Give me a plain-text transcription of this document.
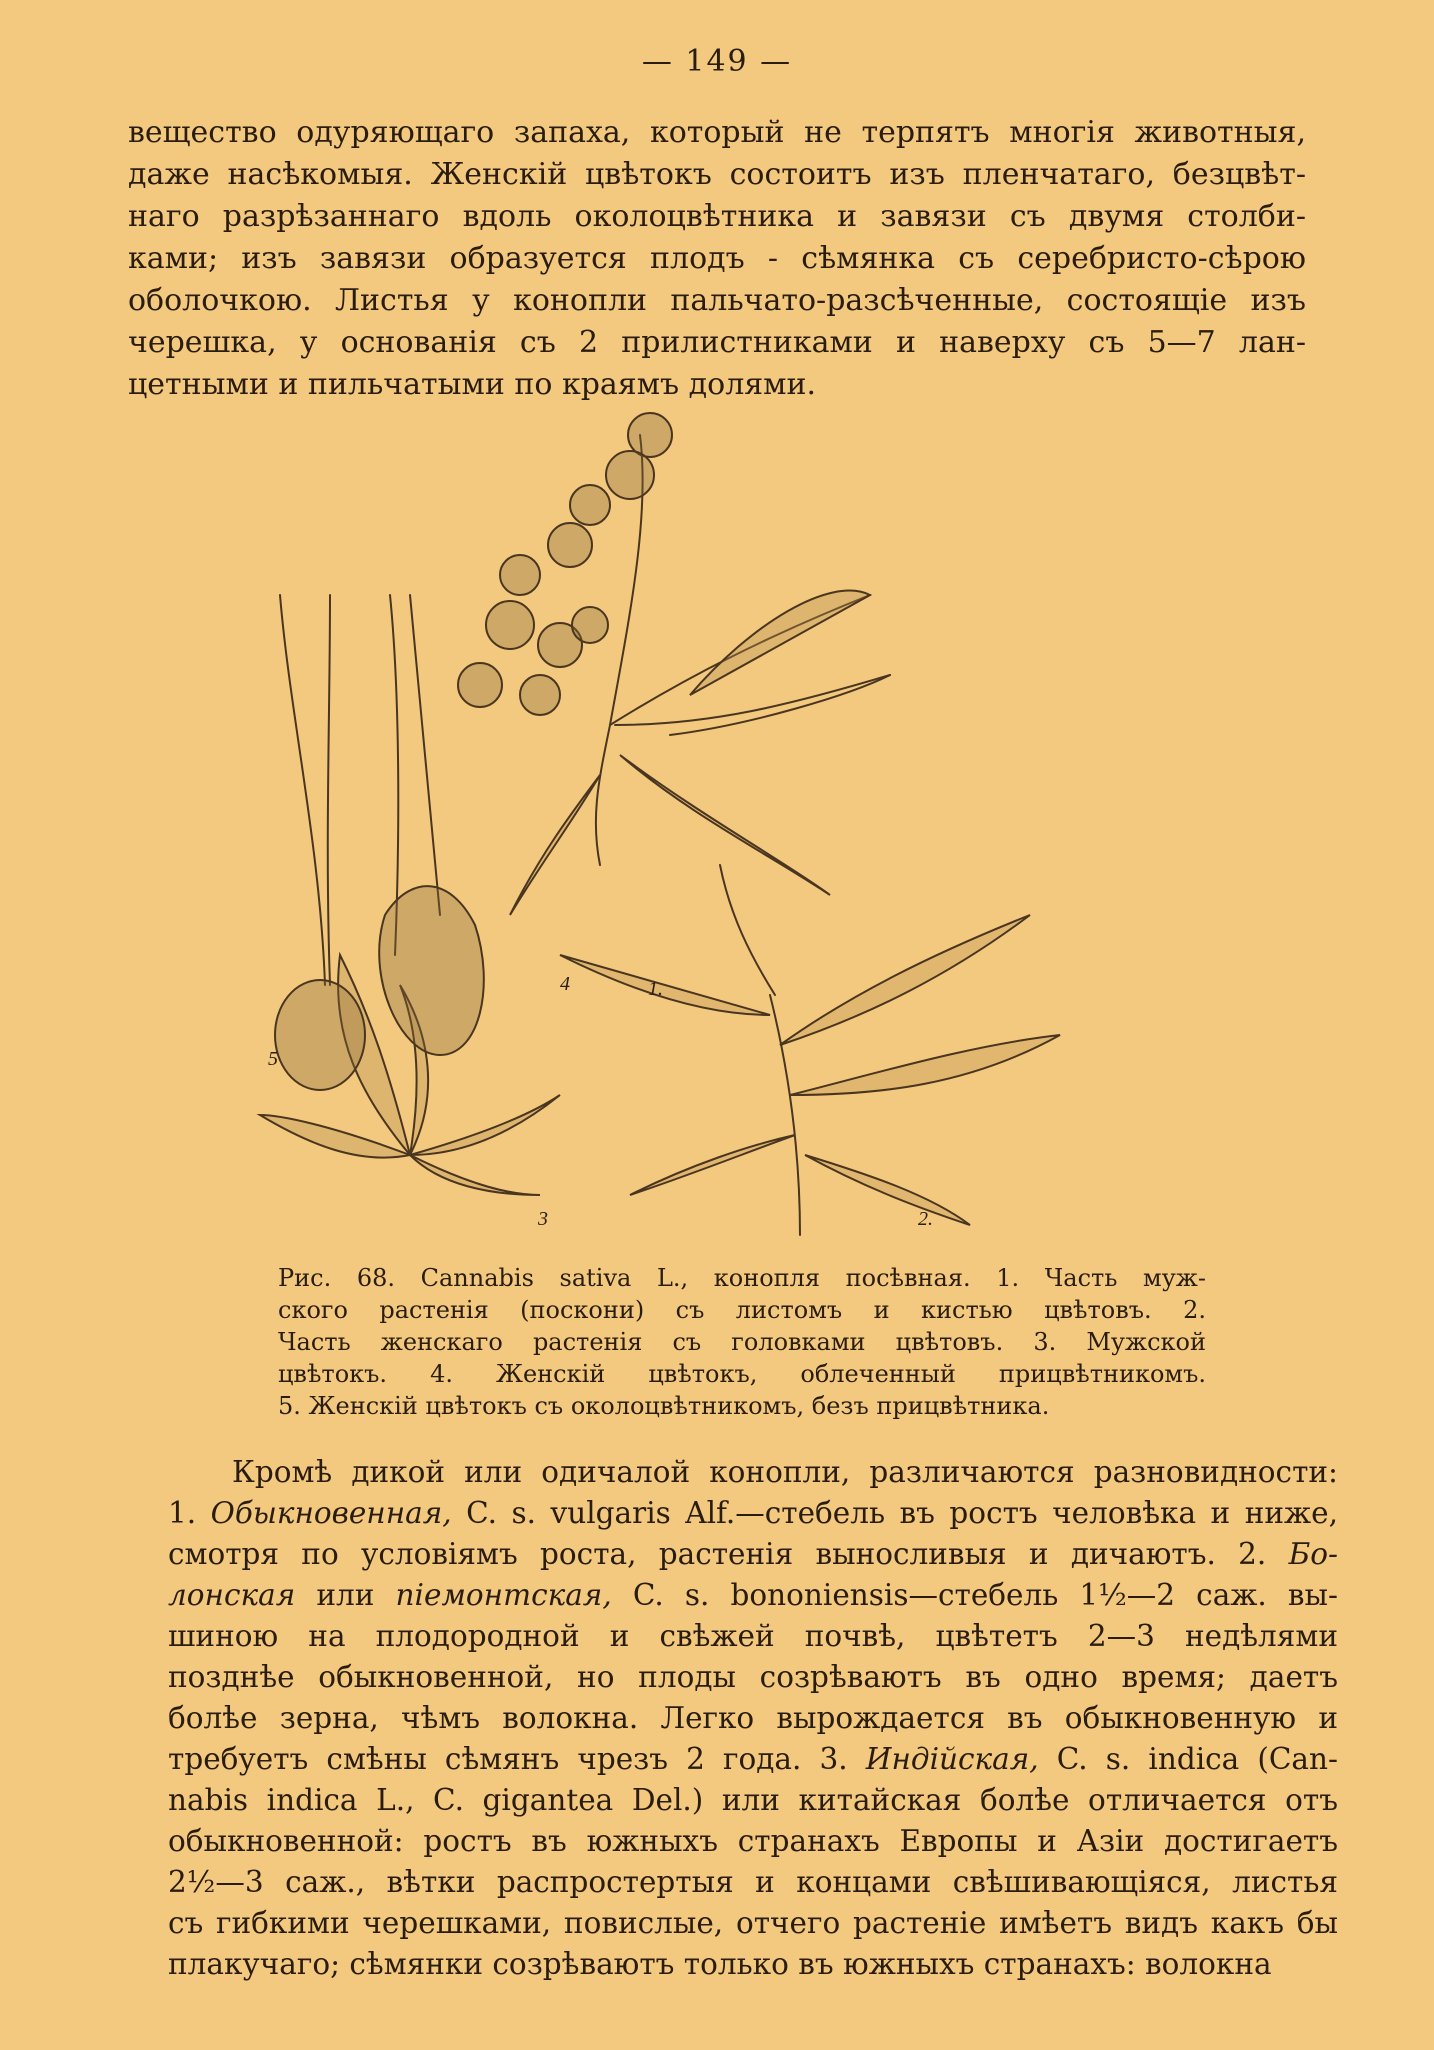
— 149 —

вещество одуряющаго запаха, который не терпятъ многія животныя,
даже насѣкомыя. Женскій цвѣтокъ состоитъ изъ пленчатаго, безцвѣт-
наго разрѣзаннаго вдоль околоцвѣтника и завязи съ двумя столби-
ками; изъ завязи образуется плодъ - сѣмянка съ серебристо-сѣрою
оболочкою. Листья у конопли пальчато-разсѣченные, состоящіе изъ
черешка, у основанія съ 2 прилистниками и наверху съ 5—7 лан-
цетными и пильчатыми по краямъ долями.

1.
2.
3
4
5

Рис. 68. Cannabis sativa L., конопля посѣвная. 1. Часть муж-
ского растенія (поскони) съ листомъ и кистью цвѣтовъ. 2.
Часть женскаго растенія съ головками цвѣтовъ. 3. Мужской
цвѣтокъ. 4. Женскій цвѣтокъ, облеченный прицвѣтникомъ.
5. Женскій цвѣтокъ съ околоцвѣтникомъ, безъ прицвѣтника.

Кромѣ дикой или одичалой конопли, различаются разновидности:
1. Обыкновенная, C. s. vulgaris Alf.—стебель въ ростъ человѣка и ниже,
смотря по условіямъ роста, растенія выносливыя и дичаютъ. 2. Бо-
лонская или піемонтская, C. s. bononiensis—стебель 1½—2 саж. вы-
шиною на плодородной и свѣжей почвѣ, цвѣтетъ 2—3 недѣлями
позднѣе обыкновенной, но плоды созрѣваютъ въ одно время; даетъ
болѣе зерна, чѣмъ волокна. Легко вырождается въ обыкновенную и
требуетъ смѣны сѣмянъ чрезъ 2 года. 3. Индійская, C. s. indica (Can-
nabis indica L., C. gigantea Del.) или китайская болѣе отличается отъ
обыкновенной: ростъ въ южныхъ странахъ Европы и Азіи достигаетъ
2½—3 саж., вѣтки распростертыя и концами свѣшивающіяся, листья
съ гибкими черешками, повислые, отчего растеніе имѣетъ видъ какъ бы
плакучаго; сѣмянки созрѣваютъ только въ южныхъ странахъ: волокна
